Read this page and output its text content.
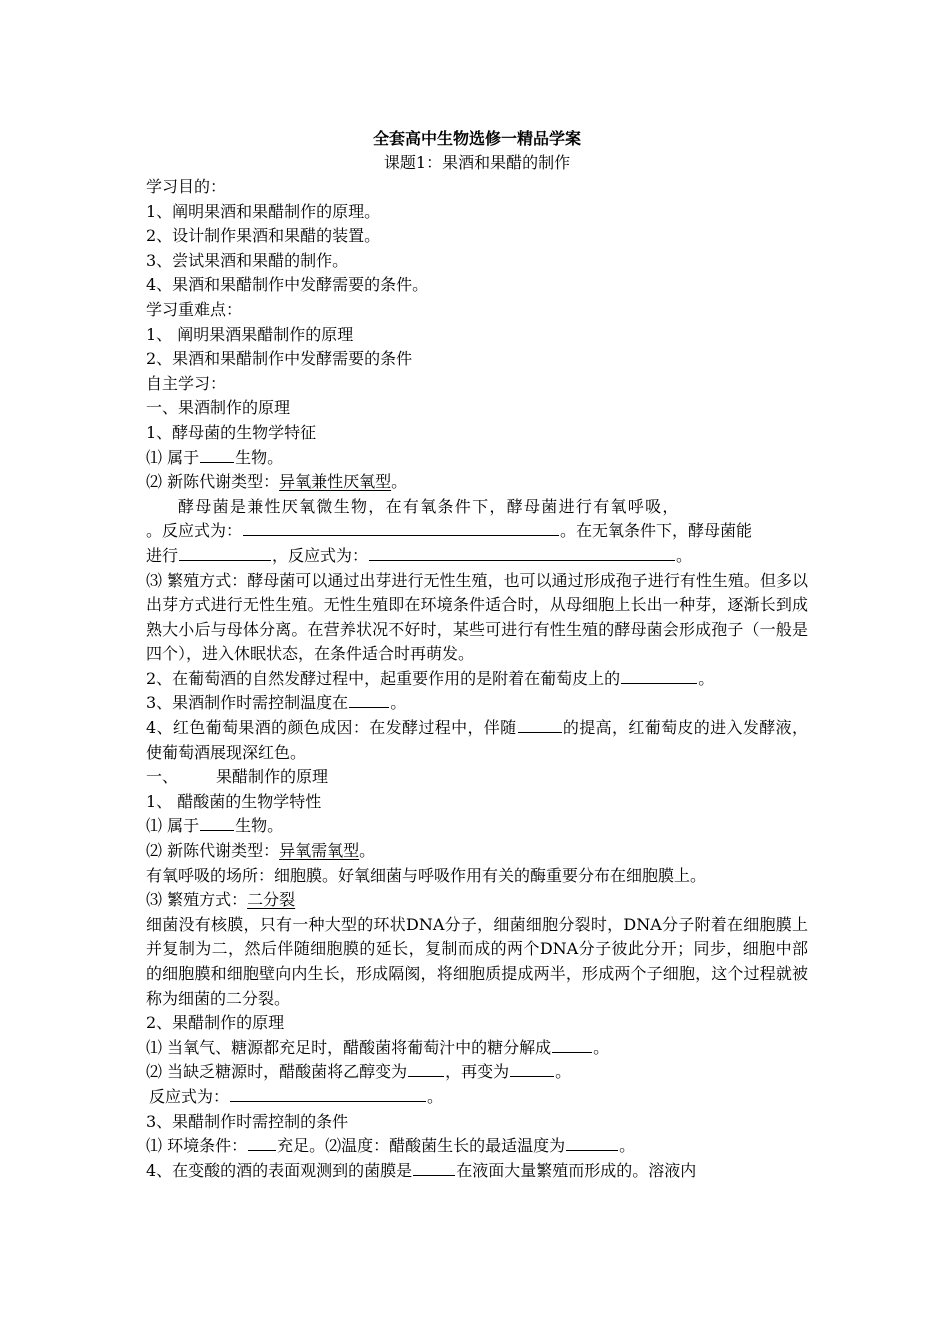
全套高中生物选修一精品学案

课题1：果酒和果醋的制作

学习目的：

1、阐明果酒和果醋制作的原理。

2、设计制作果酒和果醋的装置。

3、尝试果酒和果醋的制作。

4、果酒和果醋制作中发酵需要的条件。

学习重难点：

1、 阐明果酒果醋制作的原理

2、果酒和果醋制作中发酵需要的条件

自主学习：

一、果酒制作的原理

1、酵母菌的生物学特征

⑴ 属于 生物。

⑵ 新陈代谢类型：异氧兼性厌氧型。

酵母菌是兼性厌氧微生物，在有氧条件下，酵母菌进行有氧呼吸，

。反应式为：	。在无氧条件下，酵母菌能

进行	，反应式为：	。

⑶ 繁殖方式：酵母菌可以通过出芽进行无性生殖，也可以通过形成孢子进行有性生殖。但多以出芽方式进行无性生殖。无性生殖即在环境条件适合时，从母细胞上长出一种芽，逐渐长到成熟大小后与母体分离。在营养状况不好时，某些可进行有性生殖的酵母菌会形成孢子（一般是四个），进入休眠状态，在条件适合时再萌发。

2、在葡萄酒的自然发酵过程中，起重要作用的是附着在葡萄皮上的	。

3、果酒制作时需控制温度在	。

4、红色葡萄果酒的颜色成因：在发酵过程中，伴随	的提高，红葡萄皮的进入发酵液，使葡萄酒展现深红色。

一、 果醋制作的原理

1、 醋酸菌的生物学特性

⑴ 属于 生物。

⑵ 新陈代谢类型：异氧需氧型。

有氧呼吸的场所：细胞膜。好氧细菌与呼吸作用有关的酶重要分布在细胞膜上。

⑶ 繁殖方式：二分裂

细菌没有核膜，只有一种大型的环状DNA分子，细菌细胞分裂时，DNA分子附着在细胞膜上并复制为二，然后伴随细胞膜的延长，复制而成的两个DNA分子彼此分开；同步，细胞中部的细胞膜和细胞壁向内生长，形成隔阂，将细胞质提成两半，形成两个子细胞，这个过程就被称为细菌的二分裂。

2、果醋制作的原理

⑴ 当氧气、糖源都充足时，醋酸菌将葡萄汁中的糖分解成	。

⑵ 当缺乏糖源时，醋酸菌将乙醇变为 ，再变为	。

反应式为：	。

3、果醋制作时需控制的条件

⑴ 环境条件： 充足。⑵温度：醋酸菌生长的最适温度为	。

4、在变酸的酒的表面观测到的菌膜是	在液面大量繁殖而形成的。溶液内
